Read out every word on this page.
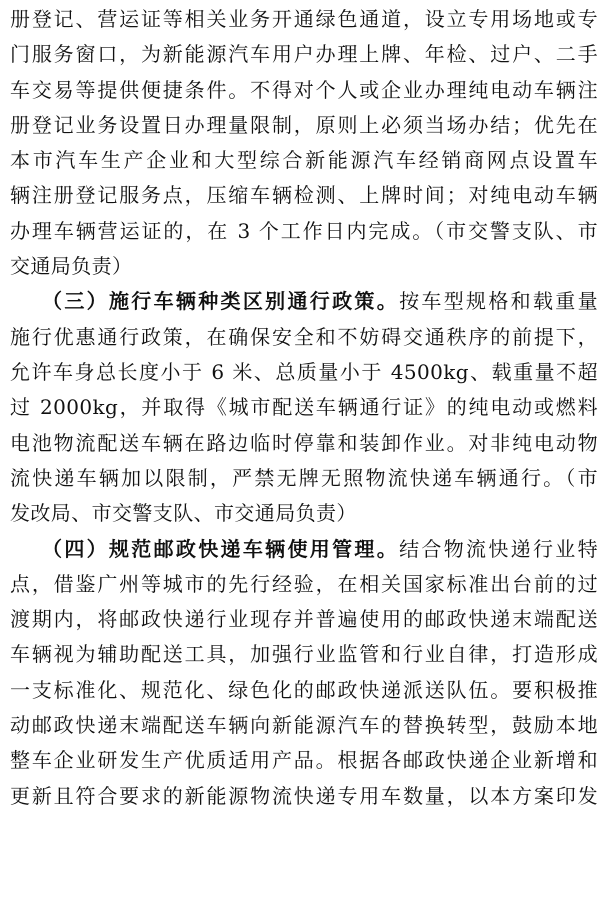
册登记、营运证等相关业务开通绿色通道，设立专用场地或专
门服务窗口，为新能源汽车用户办理上牌、年检、过户、二手
车交易等提供便捷条件。不得对个人或企业办理纯电动车辆注
册登记业务设置日办理量限制，原则上必须当场办结；优先在
本市汽车生产企业和大型综合新能源汽车经销商网点设置车
辆注册登记服务点，压缩车辆检测、上牌时间；对纯电动车辆
办理车辆营运证的，在 3 个工作日内完成。（市交警支队、市
交通局负责）
（三）施行车辆种类区别通行政策。按车型规格和载重量
施行优惠通行政策，在确保安全和不妨碍交通秩序的前提下，
允许车身总长度小于 6 米、总质量小于 4500kg、载重量不超
过 2000kg，并取得《城市配送车辆通行证》的纯电动或燃料
电池物流配送车辆在路边临时停靠和装卸作业。对非纯电动物
流快递车辆加以限制，严禁无牌无照物流快递车辆通行。（市
发改局、市交警支队、市交通局负责）
（四）规范邮政快递车辆使用管理。结合物流快递行业特
点，借鉴广州等城市的先行经验，在相关国家标准出台前的过
渡期内，将邮政快递行业现存并普遍使用的邮政快递末端配送
车辆视为辅助配送工具，加强行业监管和行业自律，打造形成
一支标准化、规范化、绿色化的邮政快递派送队伍。要积极推
动邮政快递末端配送车辆向新能源汽车的替换转型，鼓励本地
整车企业研发生产优质适用产品。根据各邮政快递企业新增和
更新且符合要求的新能源物流快递专用车数量，以本方案印发
